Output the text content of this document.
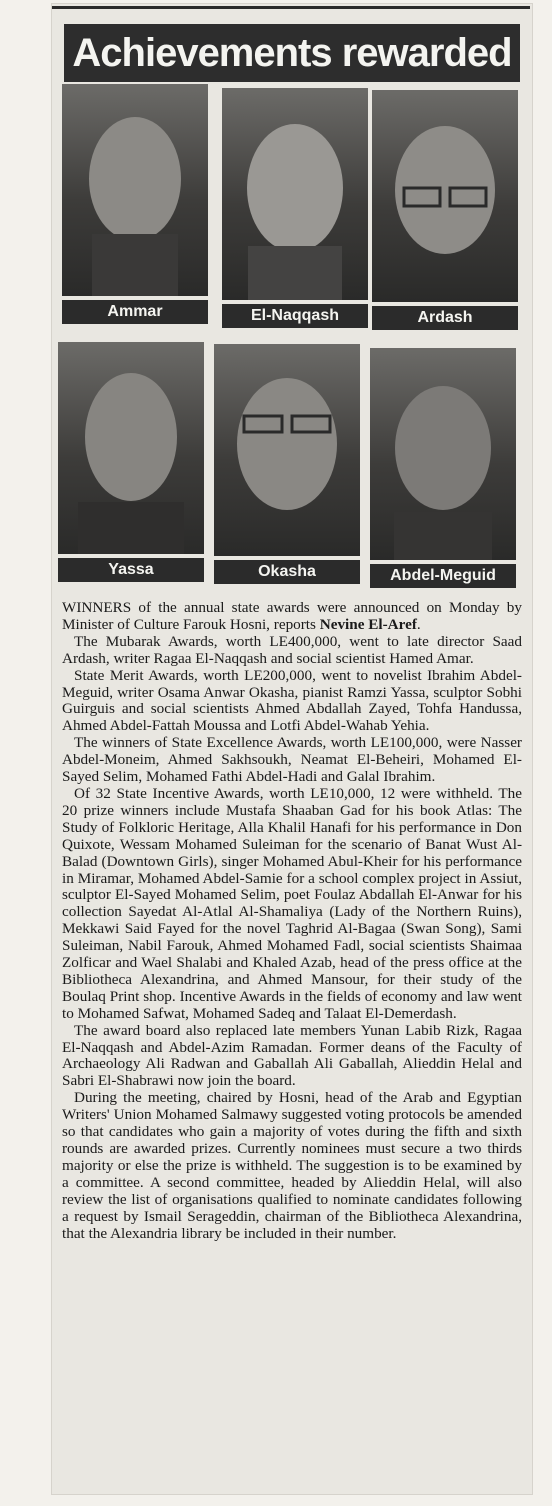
Achievements rewarded
Ammar	El-Naqqash	Ardash
Yassa	Okasha	Abdel-Meguid

WINNERS of the annual state awards were announced on Monday by Minister of Culture Farouk Hosni, reports Nevine El-Aref.

The Mubarak Awards, worth LE400,000, went to late director Saad Ardash, writer Ragaa El-Naqqash and social scientist Hamed Amar.

State Merit Awards, worth LE200,000, went to novelist Ibrahim Abdel-Meguid, writer Osama Anwar Okasha, pianist Ramzi Yassa, sculptor Sobhi Guirguis and social scientists Ahmed Abdallah Zayed, Tohfa Handussa, Ahmed Abdel-Fattah Moussa and Lotfi Abdel-Wahab Yehia.

The winners of State Excellence Awards, worth LE100,000, were Nasser Abdel-Moneim, Ahmed Sakhsoukh, Neamat El-Beheiri, Mohamed El-Sayed Selim, Mohamed Fathi Abdel-Hadi and Galal Ibrahim.

Of 32 State Incentive Awards, worth LE10,000, 12 were withheld. The 20 prize winners include Mustafa Shaaban Gad for his book Atlas: The Study of Folkloric Heritage, Alla Khalil Hanafi for his performance in Don Quixote, Wessam Mohamed Suleiman for the scenario of Banat Wust Al-Balad (Downtown Girls), singer Mohamed Abul-Kheir for his performance in Miramar, Mohamed Abdel-Samie for a school complex project in Assiut, sculptor El-Sayed Mohamed Selim, poet Foulaz Abdallah El-Anwar for his collection Sayedat Al-Atlal Al-Shamaliya (Lady of the Northern Ruins), Mekkawi Said Fayed for the novel Taghrid Al-Bagaa (Swan Song), Sami Suleiman, Nabil Farouk, Ahmed Mohamed Fadl, social scientists Shaimaa Zolficar and Wael Shalabi and Khaled Azab, head of the press office at the Bibliotheca Alexandrina, and Ahmed Mansour, for their study of the Boulaq Print shop. Incentive Awards in the fields of economy and law went to Mohamed Safwat, Mohamed Sadeq and Talaat El-Demerdash.

The award board also replaced late members Yunan Labib Rizk, Ragaa El-Naqqash and Abdel-Azim Ramadan. Former deans of the Faculty of Archaeology Ali Radwan and Gaballah Ali Gaballah, Alieddin Helal and Sabri El-Shabrawi now join the board.

During the meeting, chaired by Hosni, head of the Arab and Egyptian Writers' Union Mohamed Salmawy suggested voting protocols be amended so that candidates who gain a majority of votes during the fifth and sixth rounds are awarded prizes. Currently nominees must secure a two thirds majority or else the prize is withheld. The suggestion is to be examined by a committee. A second committee, headed by Alieddin Helal, will also review the list of organisations qualified to nominate candidates following a request by Ismail Serageddin, chairman of the Bibliotheca Alexandrina, that the Alexandria library be included in their number.
